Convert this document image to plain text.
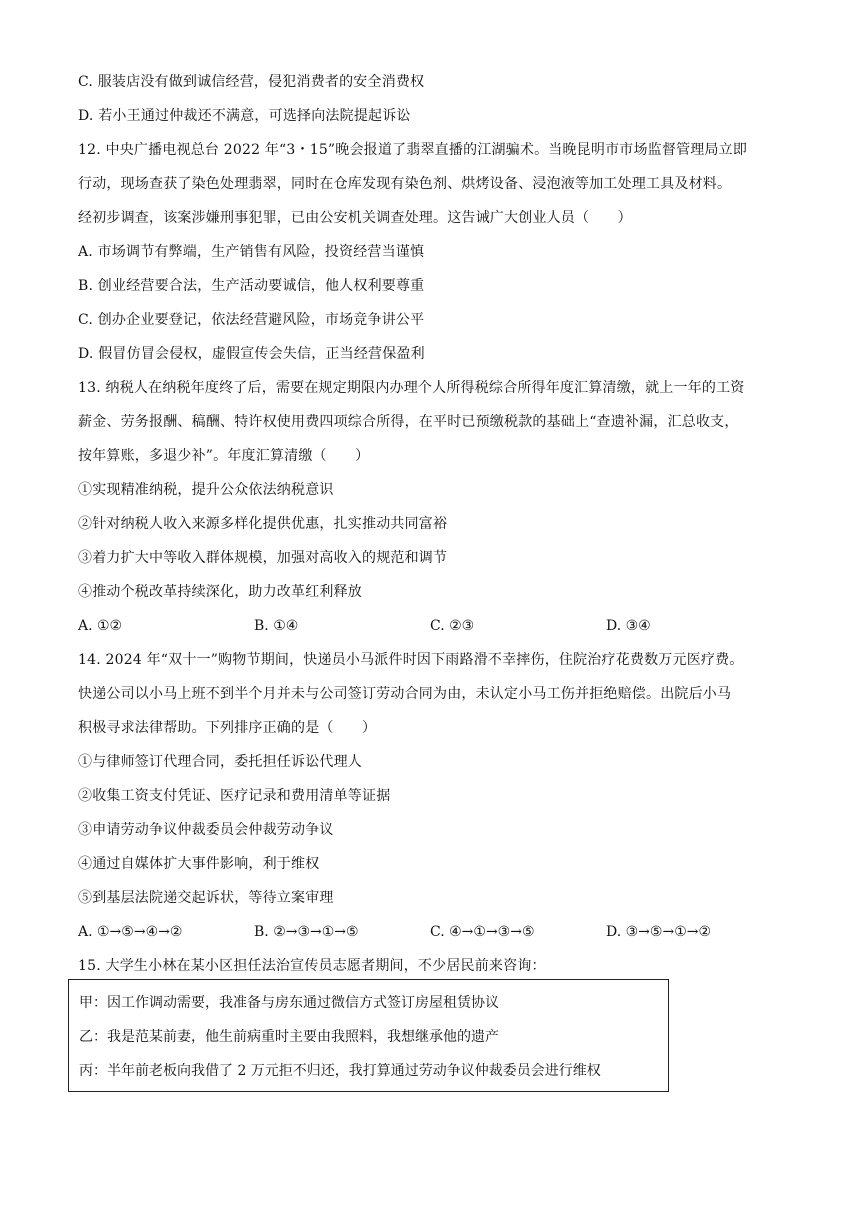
C. 服装店没有做到诚信经营，侵犯消费者的安全消费权
D. 若小王通过仲裁还不满意，可选择向法院提起诉讼
12. 中央广播电视总台 2022 年“3・15”晚会报道了翡翠直播的江湖骗术。当晚昆明市市场监督管理局立即
行动，现场查获了染色处理翡翠，同时在仓库发现有染色剂、烘烤设备、浸泡液等加工处理工具及材料。
经初步调查，该案涉嫌刑事犯罪，已由公安机关调查处理。这告诫广大创业人员（　　）
A. 市场调节有弊端，生产销售有风险，投资经营当谨慎
B. 创业经营要合法，生产活动要诚信，他人权利要尊重
C. 创办企业要登记，依法经营避风险，市场竞争讲公平
D. 假冒仿冒会侵权，虚假宣传会失信，正当经营保盈利
13. 纳税人在纳税年度终了后，需要在规定期限内办理个人所得税综合所得年度汇算清缴，就上一年的工资
薪金、劳务报酬、稿酬、特许权使用费四项综合所得，在平时已预缴税款的基础上“查遗补漏，汇总收支，
按年算账，多退少补”。年度汇算清缴（　　）
①实现精准纳税，提升公众依法纳税意识
②针对纳税人收入来源多样化提供优惠，扎实推动共同富裕
③着力扩大中等收入群体规模，加强对高收入的规范和调节
④推动个税改革持续深化，助力改革红利释放
A. ①②	B. ①④	C. ②③	D. ③④
14. 2024 年“双十一”购物节期间，快递员小马派件时因下雨路滑不幸摔伤，住院治疗花费数万元医疗费。
快递公司以小马上班不到半个月并未与公司签订劳动合同为由，未认定小马工伤并拒绝赔偿。出院后小马
积极寻求法律帮助。下列排序正确的是（　　）
①与律师签订代理合同，委托担任诉讼代理人
②收集工资支付凭证、医疗记录和费用清单等证据
③申请劳动争议仲裁委员会仲裁劳动争议
④通过自媒体扩大事件影响，利于维权
⑤到基层法院递交起诉状，等待立案审理
A. ①→⑤→④→②	B. ②→③→①→⑤	C. ④→①→③→⑤	D. ③→⑤→①→②
15. 大学生小林在某小区担任法治宣传员志愿者期间，不少居民前来咨询：
甲：因工作调动需要，我准备与房东通过微信方式签订房屋租赁协议
乙：我是范某前妻，他生前病重时主要由我照料，我想继承他的遗产
丙：半年前老板向我借了 2 万元拒不归还，我打算通过劳动争议仲裁委员会进行维权
